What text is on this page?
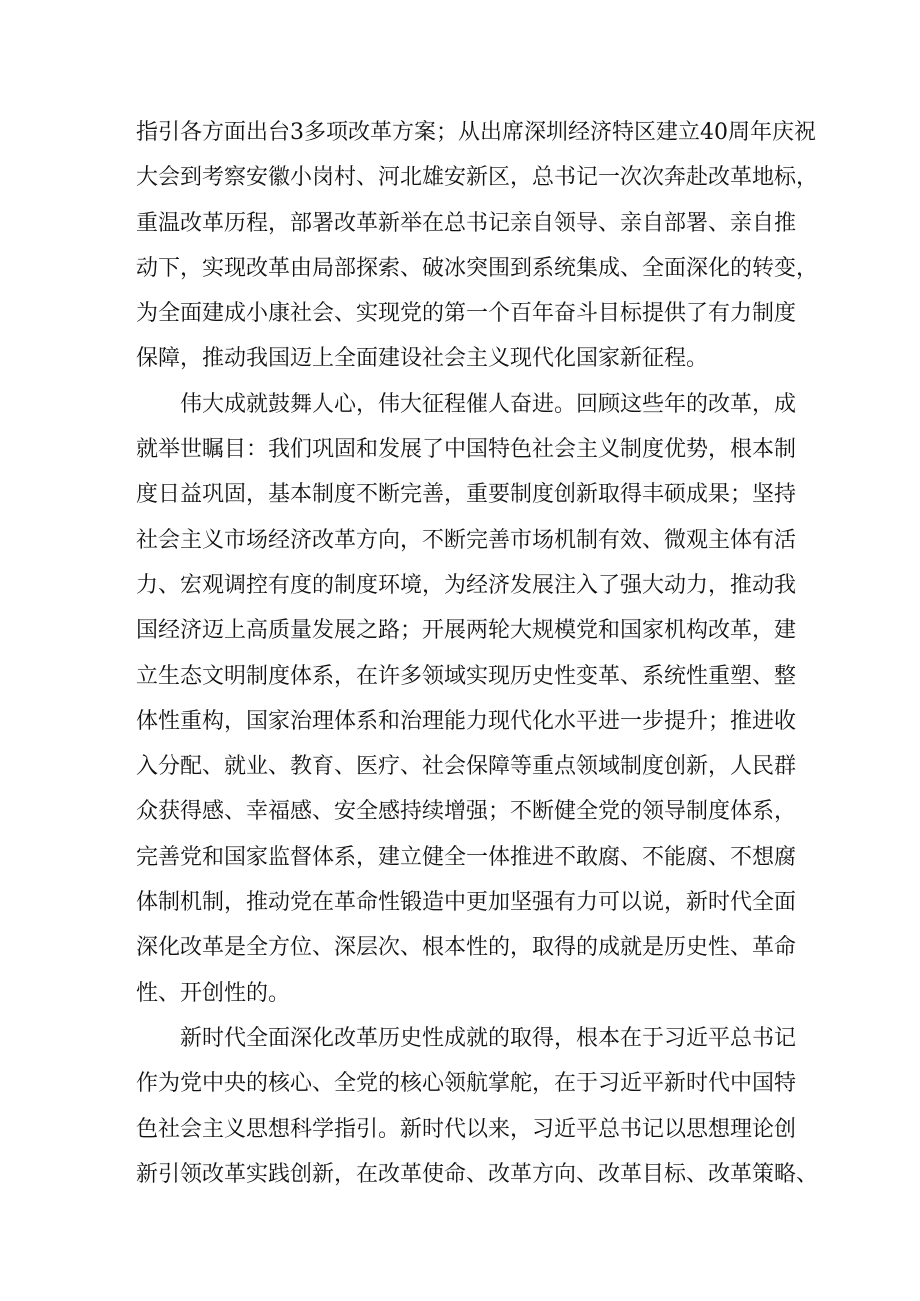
指引各方面出台3多项改革方案；从出席深圳经济特区建立40周年庆祝
大会到考察安徽小岗村、河北雄安新区，总书记一次次奔赴改革地标，
重温改革历程，部署改革新举在总书记亲自领导、亲自部署、亲自推
动下，实现改革由局部探索、破冰突围到系统集成、全面深化的转变，
为全面建成小康社会、实现党的第一个百年奋斗目标提供了有力制度
保障，推动我国迈上全面建设社会主义现代化国家新征程。
伟大成就鼓舞人心，伟大征程催人奋进。回顾这些年的改革，成
就举世瞩目：我们巩固和发展了中国特色社会主义制度优势，根本制
度日益巩固，基本制度不断完善，重要制度创新取得丰硕成果；坚持
社会主义市场经济改革方向，不断完善市场机制有效、微观主体有活
力、宏观调控有度的制度环境，为经济发展注入了强大动力，推动我
国经济迈上高质量发展之路；开展两轮大规模党和国家机构改革，建
立生态文明制度体系，在许多领域实现历史性变革、系统性重塑、整
体性重构，国家治理体系和治理能力现代化水平进一步提升；推进收
入分配、就业、教育、医疗、社会保障等重点领域制度创新，人民群
众获得感、幸福感、安全感持续增强；不断健全党的领导制度体系，
完善党和国家监督体系，建立健全一体推进不敢腐、不能腐、不想腐
体制机制，推动党在革命性锻造中更加坚强有力可以说，新时代全面
深化改革是全方位、深层次、根本性的，取得的成就是历史性、革命
性、开创性的。
新时代全面深化改革历史性成就的取得，根本在于习近平总书记
作为党中央的核心、全党的核心领航掌舵，在于习近平新时代中国特
色社会主义思想科学指引。新时代以来，习近平总书记以思想理论创
新引领改革实践创新，在改革使命、改革方向、改革目标、改革策略、
